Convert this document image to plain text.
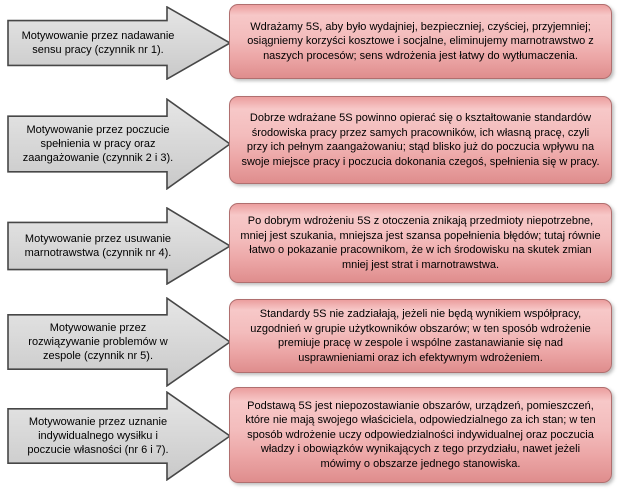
Motywowanie przez nadawanie sensu pracy (czynnik nr 1).
Wdrażamy 5S, aby było wydajniej, bezpieczniej, czyściej, przyjemniej; osiągniemy korzyści kosztowe i socjalne, eliminujemy marnotrawstwo z naszych procesów; sens wdrożenia jest łatwy do wytłumaczenia.
Motywowanie przez poczucie spełnienia w pracy oraz zaangażowanie (czynnik 2 i 3).
Dobrze wdrażane 5S powinno opierać się o kształtowanie standardów środowiska pracy przez samych pracowników, ich własną pracę, czyli przy ich pełnym zaangażowaniu; stąd blisko już do poczucia wpływu na swoje miejsce pracy i poczucia dokonania czegoś, spełnienia się w pracy.
Motywowanie przez usuwanie marnotrawstwa (czynnik nr 4).
Po dobrym wdrożeniu 5S z otoczenia znikają przedmioty niepotrzebne, mniej jest szukania, mniejsza jest szansa popełnienia błędów; tutaj równie łatwo o pokazanie pracownikom, że w ich środowisku na skutek zmian mniej jest strat i marnotrawstwa.
Motywowanie przez rozwiązywanie problemów w zespole (czynnik nr 5).
Standardy 5S nie zadziałają, jeżeli nie będą wynikiem współpracy, uzgodnień w grupie użytkowników obszarów; w ten sposób wdrożenie premiuje pracę w zespole i wspólne zastanawianie się nad usprawnieniami oraz ich efektywnym wdrożeniem.
Motywowanie przez uznanie indywidualnego wysiłku i poczucie własności (nr 6 i 7).
Podstawą 5S jest niepozostawianie obszarów, urządzeń, pomieszczeń, które nie mają swojego właściciela, odpowiedzialnego za ich stan; w ten sposób wdrożenie uczy odpowiedzialności indywidualnej oraz poczucia władzy i obowiązków wynikających z tego przydziału, nawet jeżeli mówimy o obszarze jednego stanowiska.
